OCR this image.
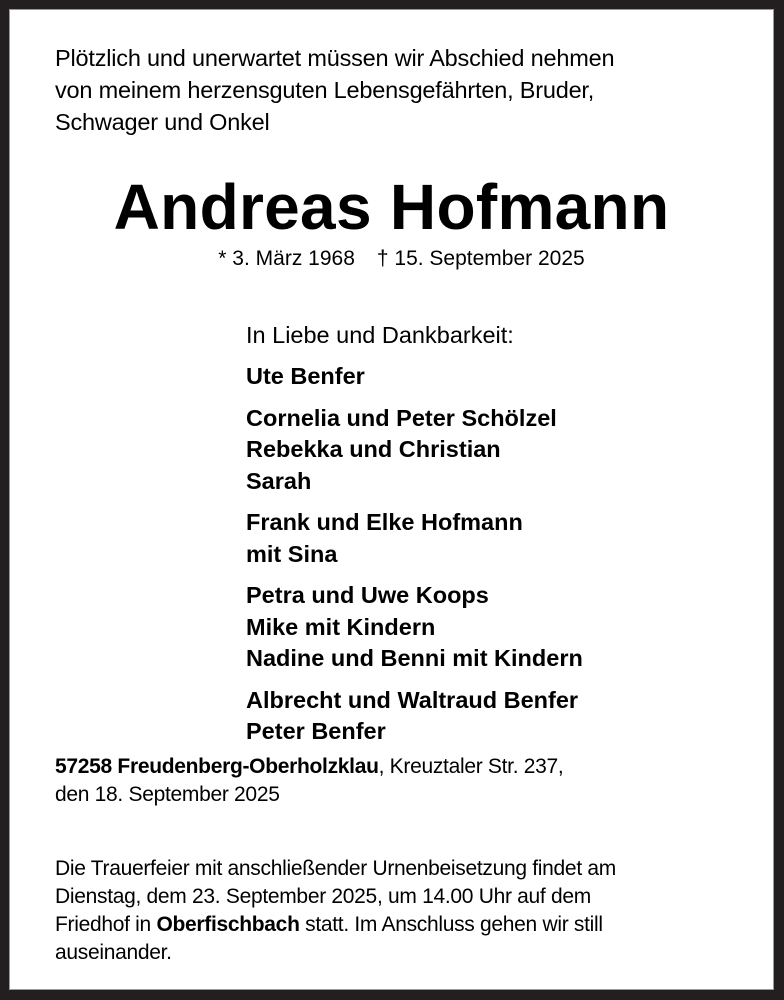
Plötzlich und unerwartet müssen wir Abschied nehmen
von meinem herzensguten Lebensgefährten, Bruder,
Schwager und Onkel
Andreas Hofmann
* 3. März 1968 † 15. September 2025
In Liebe und Dankbarkeit:
Ute Benfer
Cornelia und Peter Schölzel
Rebekka und Christian
Sarah
Frank und Elke Hofmann
mit Sina
Petra und Uwe Koops
Mike mit Kindern
Nadine und Benni mit Kindern
Albrecht und Waltraud Benfer
Peter Benfer
57258 Freudenberg-Oberholzklau, Kreuztaler Str. 237,
den 18. September 2025
Die Trauerfeier mit anschließender Urnenbeisetzung findet am
Dienstag, dem 23. September 2025, um 14.00 Uhr auf dem
Friedhof in Oberfischbach statt. Im Anschluss gehen wir still
auseinander.
